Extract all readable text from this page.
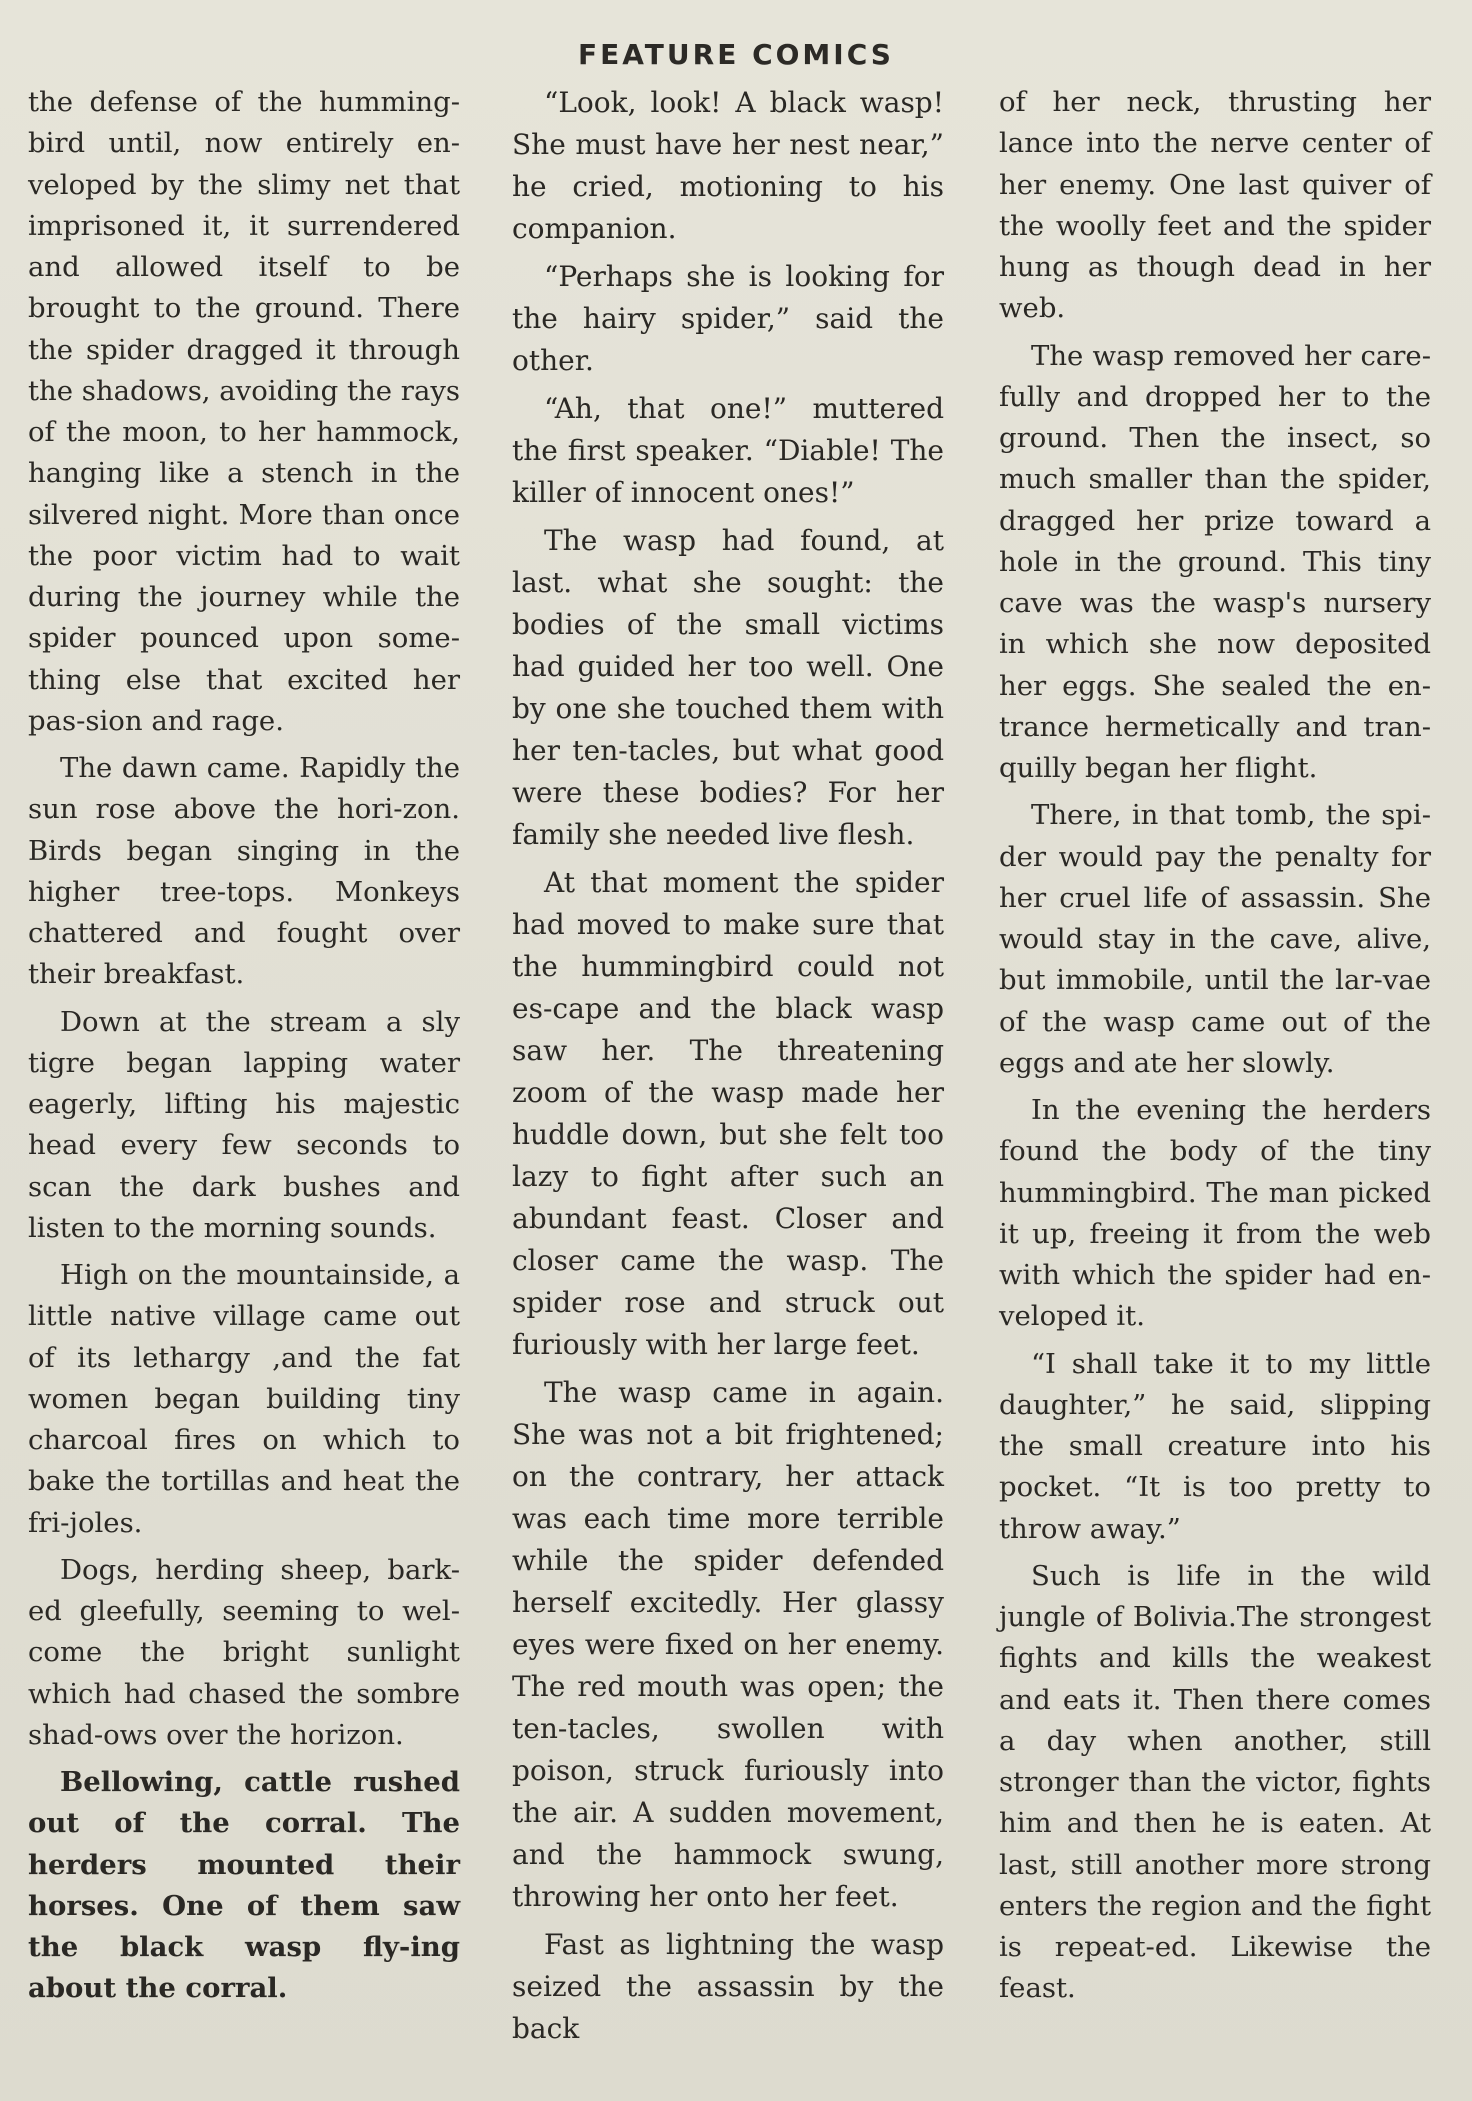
FEATURE COMICS

the defense of the humming-bird until, now entirely en-veloped by the slimy net that imprisoned it, it surrendered and allowed itself to be brought to the ground. There the spider dragged it through the shadows, avoiding the rays of the moon, to her hammock, hanging like a stench in the silvered night. More than once the poor victim had to wait during the journey while the spider pounced upon some-thing else that excited her pas-sion and rage.

The dawn came. Rapidly the sun rose above the hori-zon. Birds began singing in the higher tree-tops. Monkeys chattered and fought over their breakfast.

Down at the stream a sly tigre began lapping water eagerly, lifting his majestic head every few seconds to scan the dark bushes and listen to the morning sounds.

High on the mountainside, a little native village came out of its lethargy ,and the fat women began building tiny charcoal fires on which to bake the tortillas and heat the fri-joles.

Dogs, herding sheep, bark-ed gleefully, seeming to wel-come the bright sunlight which had chased the sombre shad-ows over the horizon.

Bellowing, cattle rushed out of the corral. The herders mounted their horses. One of them saw the black wasp fly-ing about the corral.

“Look, look! A black wasp! She must have her nest near,” he cried, motioning to his companion.

“Perhaps she is looking for the hairy spider,” said the other.

“Ah, that one!” muttered the first speaker. “Diable! The killer of innocent ones!”

The wasp had found, at last. what she sought: the bodies of the small victims had guided her too well. One by one she touched them with her ten-tacles, but what good were these bodies? For her family she needed live flesh.

At that moment the spider had moved to make sure that the hummingbird could not es-cape and the black wasp saw her. The threatening zoom of the wasp made her huddle down, but she felt too lazy to fight after such an abundant feast. Closer and closer came the wasp. The spider rose and struck out furiously with her large feet.

The wasp came in again. She was not a bit frightened; on the contrary, her attack was each time more terrible while the spider defended herself excitedly. Her glassy eyes were fixed on her enemy. The red mouth was open; the ten-tacles, swollen with poison, struck furiously into the air. A sudden movement, and the hammock swung, throwing her onto her feet.

Fast as lightning the wasp seized the assassin by the back

of her neck, thrusting her lance into the nerve center of her enemy. One last quiver of the woolly feet and the spider hung as though dead in her web.

The wasp removed her care-fully and dropped her to the ground. Then the insect, so much smaller than the spider, dragged her prize toward a hole in the ground. This tiny cave was the wasp's nursery in which she now deposited her eggs. She sealed the en-trance hermetically and tran-quilly began her flight.

There, in that tomb, the spi-der would pay the penalty for her cruel life of assassin. She would stay in the cave, alive, but immobile, until the lar-vae of the wasp came out of the eggs and ate her slowly.

In the evening the herders found the body of the tiny hummingbird. The man picked it up, freeing it from the web with which the spider had en-veloped it.

“I shall take it to my little daughter,” he said, slipping the small creature into his pocket. “It is too pretty to throw away.”

Such is life in the wild jungle of Bolivia.The strongest fights and kills the weakest and eats it. Then there comes a day when another, still stronger than the victor, fights him and then he is eaten. At last, still another more strong enters the region and the fight is repeat-ed. Likewise the feast.
